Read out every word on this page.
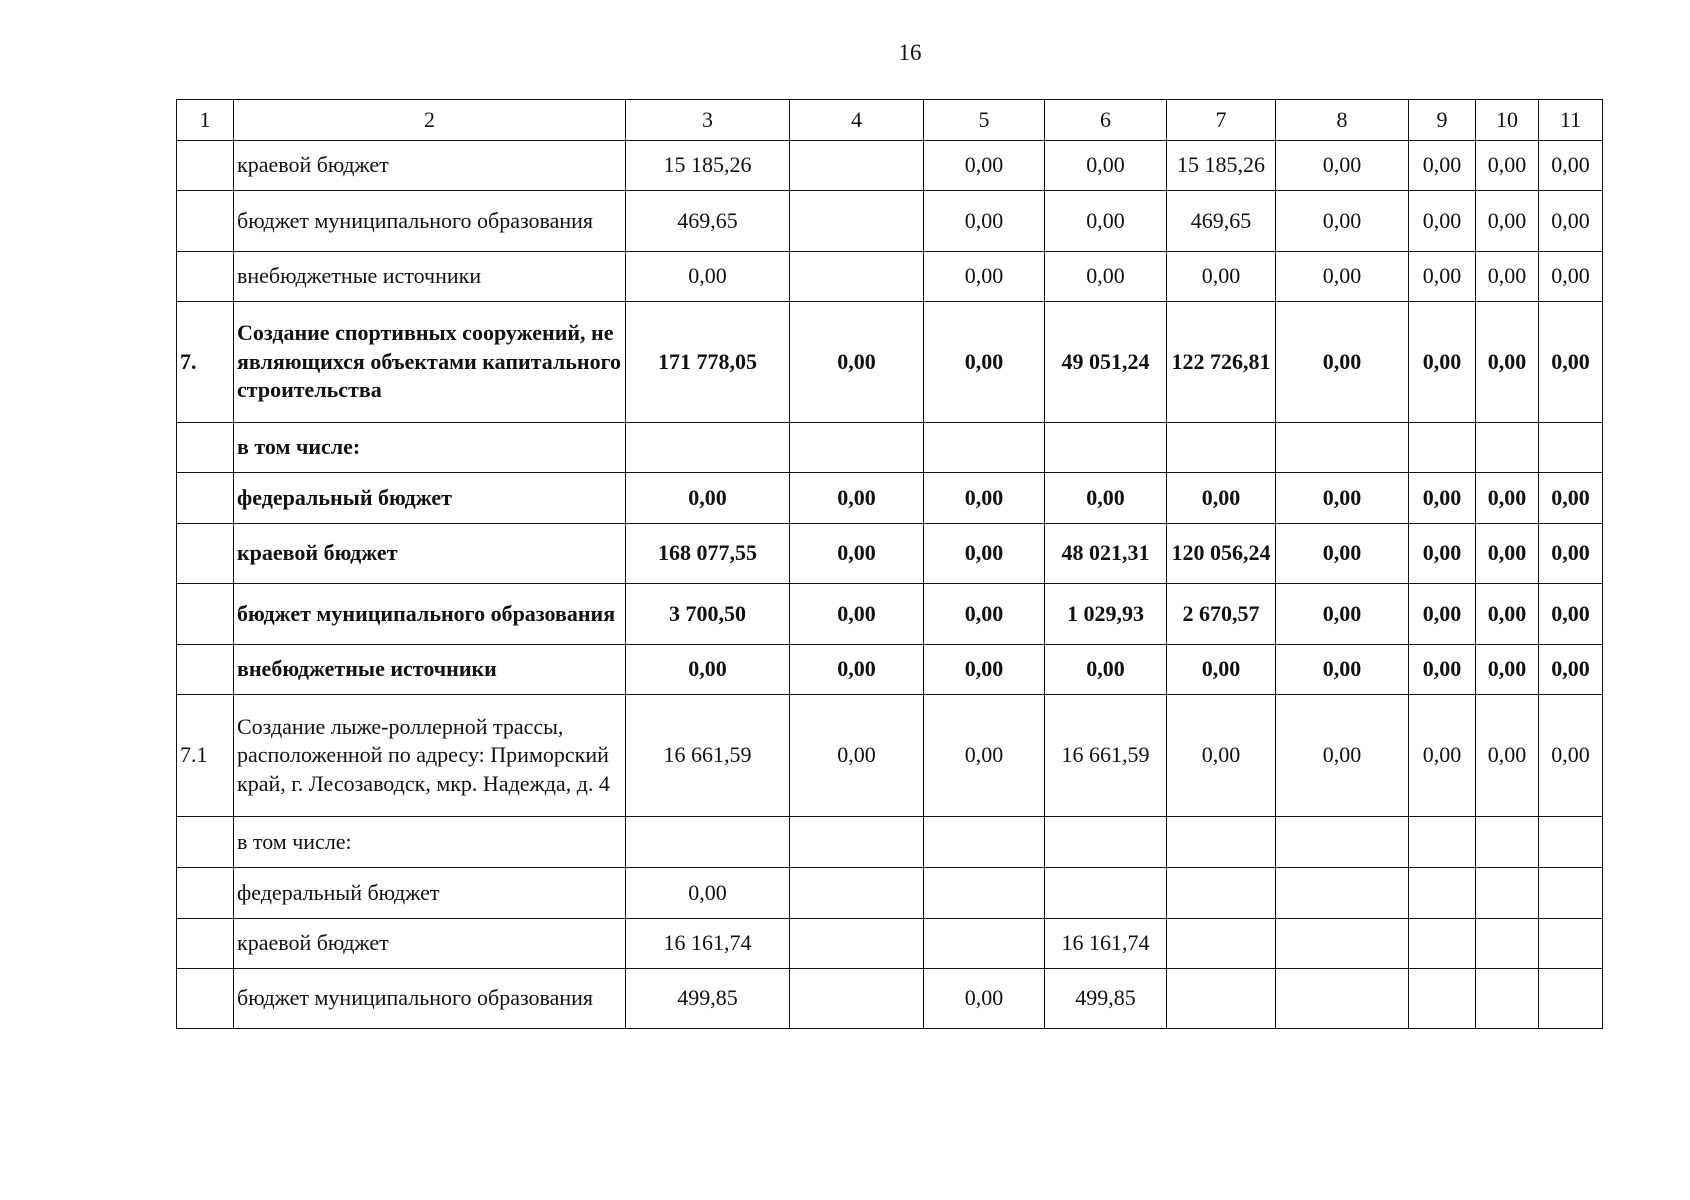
16
1	2	3	4	5	6	7	8	9	10	11
	краевой бюджет	15 185,26		0,00	0,00	15 185,26	0,00	0,00	0,00	0,00
	бюджет муниципального образования	469,65		0,00	0,00	469,65	0,00	0,00	0,00	0,00
	внебюджетные источники	0,00		0,00	0,00	0,00	0,00	0,00	0,00	0,00
7.	Создание спортивных сооружений, не являющихся объектами капитального строительства	171 778,05	0,00	0,00	49 051,24	122 726,81	0,00	0,00	0,00	0,00
	в том числе:									
	федеральный бюджет	0,00	0,00	0,00	0,00	0,00	0,00	0,00	0,00	0,00
	краевой бюджет	168 077,55	0,00	0,00	48 021,31	120 056,24	0,00	0,00	0,00	0,00
	бюджет муниципального образования	3 700,50	0,00	0,00	1 029,93	2 670,57	0,00	0,00	0,00	0,00
	внебюджетные источники	0,00	0,00	0,00	0,00	0,00	0,00	0,00	0,00	0,00
7.1	Создание лыже-роллерной трассы, расположенной по адресу: Приморский край, г. Лесозаводск, мкр. Надежда, д. 4	16 661,59	0,00	0,00	16 661,59	0,00	0,00	0,00	0,00	0,00
	в том числе:									
	федеральный бюджет	0,00								
	краевой бюджет	16 161,74			16 161,74					
	бюджет муниципального образования	499,85		0,00	499,85					
